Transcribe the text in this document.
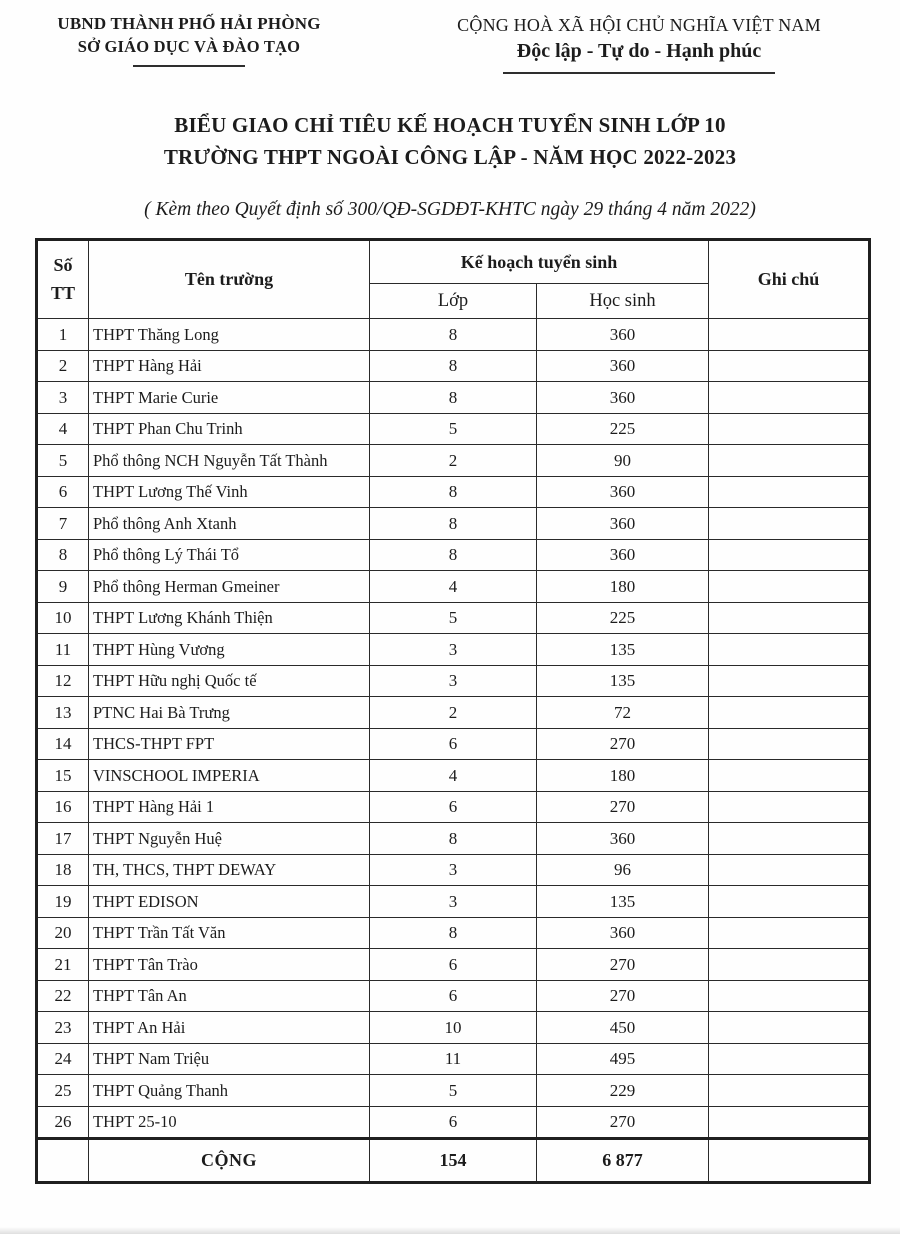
UBND THÀNH PHỐ HẢI PHÒNG
SỞ GIÁO DỤC VÀ ĐÀO TẠO
CỘNG HOÀ XÃ HỘI CHỦ NGHĨA VIỆT NAM
Độc lập - Tự do - Hạnh phúc
BIỂU GIAO CHỈ TIÊU KẾ HOẠCH TUYỂN SINH LỚP 10
TRƯỜNG THPT NGOÀI CÔNG LẬP - NĂM HỌC 2022-2023
( Kèm theo Quyết định số 300/QĐ-SGDĐT-KHTC ngày 29 tháng 4 năm 2022)
Số
TT	Tên trường	Kế hoạch tuyển sinh		Ghi chú
		Lớp	Học sinh	
1	THPT Thăng Long	8	360	
2	THPT Hàng Hải	8	360	
3	THPT Marie Curie	8	360	
4	THPT Phan Chu Trinh	5	225	
5	Phổ thông NCH Nguyễn Tất Thành	2	90	
6	THPT Lương Thế Vinh	8	360	
7	Phổ thông Anh Xtanh	8	360	
8	Phổ thông Lý Thái Tổ	8	360	
9	Phổ thông Herman Gmeiner	4	180	
10	THPT Lương Khánh Thiện	5	225	
11	THPT Hùng Vương	3	135	
12	THPT Hữu nghị Quốc tế	3	135	
13	PTNC Hai Bà Trưng	2	72	
14	THCS-THPT FPT	6	270	
15	VINSCHOOL IMPERIA	4	180	
16	THPT Hàng Hải 1	6	270	
17	THPT Nguyễn Huệ	8	360	
18	TH, THCS, THPT DEWAY	3	96	
19	THPT EDISON	3	135	
20	THPT Trần Tất Văn	8	360	
21	THPT Tân Trào	6	270	
22	THPT Tân An	6	270	
23	THPT An Hải	10	450	
24	THPT Nam Triệu	11	495	
25	THPT Quảng Thanh	5	229	
26	THPT 25-10	6	270	
	CỘNG	154	6 877	
